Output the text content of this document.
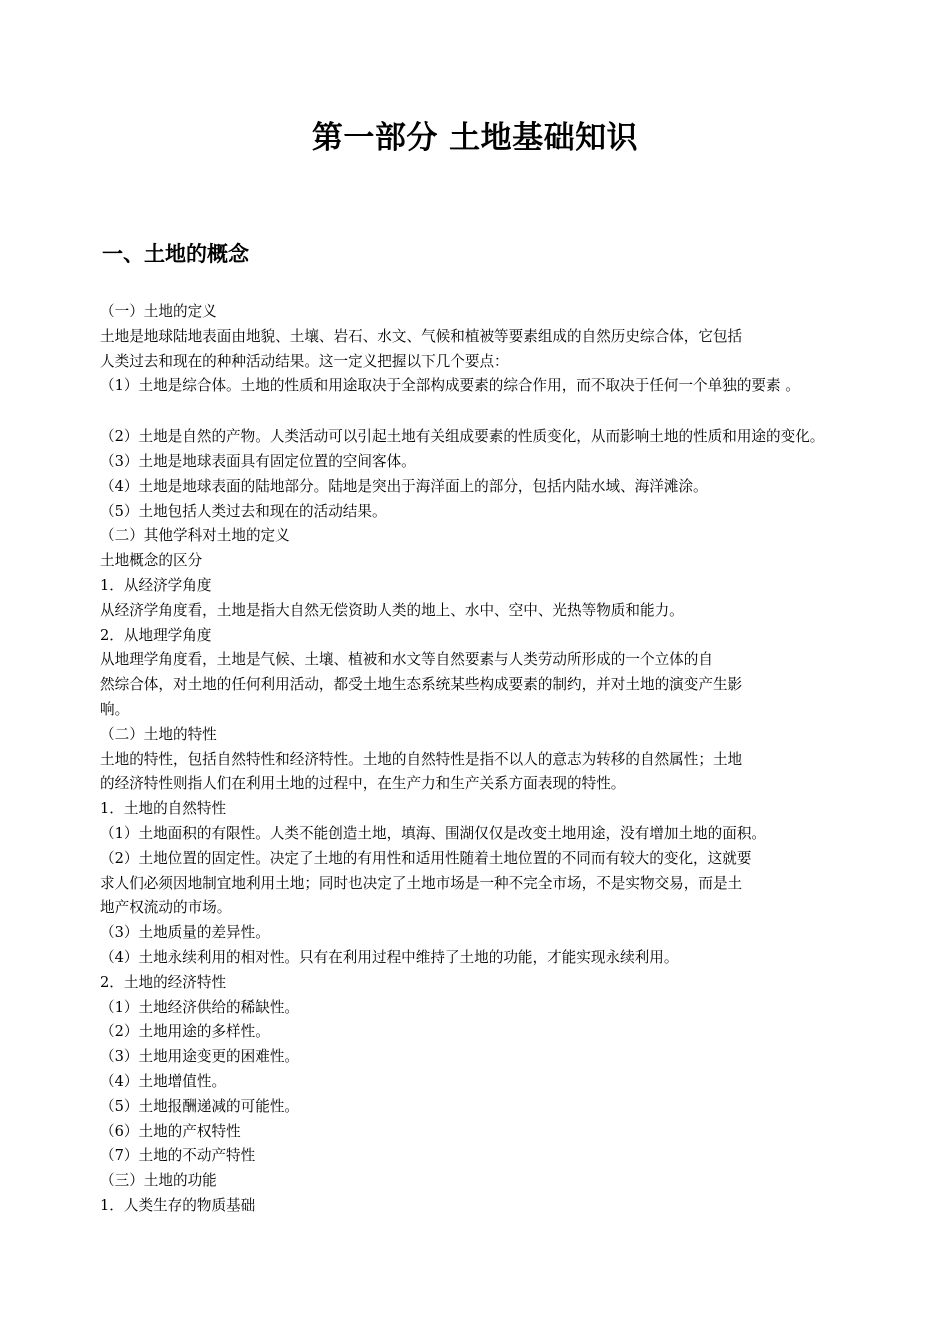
第一部分 土地基础知识
一、土地的概念
（一）土地的定义
土地是地球陆地表面由地貌、土壤、岩石、水文、气候和植被等要素组成的自然历史综合体，它包括
人类过去和现在的种种活动结果。这一定义把握以下几个要点：
（1）土地是综合体。土地的性质和用途取决于全部构成要素的综合作用，而不取决于任何一个单独的要素 。
（2）土地是自然的产物。人类活动可以引起土地有关组成要素的性质变化，从而影响土地的性质和用途的变化。
（3）土地是地球表面具有固定位置的空间客体。
（4）土地是地球表面的陆地部分。陆地是突出于海洋面上的部分，包括内陆水域、海洋滩涂。
（5）土地包括人类过去和现在的活动结果。
（二）其他学科对土地的定义
土地概念的区分
1．从经济学角度
从经济学角度看，土地是指大自然无偿资助人类的地上、水中、空中、光热等物质和能力。
2．从地理学角度
从地理学角度看，土地是气候、土壤、植被和水文等自然要素与人类劳动所形成的一个立体的自
然综合体，对土地的任何利用活动，都受土地生态系统某些构成要素的制约，并对土地的演变产生影
响。
（二）土地的特性
土地的特性，包括自然特性和经济特性。土地的自然特性是指不以人的意志为转移的自然属性；土地
的经济特性则指人们在利用土地的过程中，在生产力和生产关系方面表现的特性。
1．土地的自然特性
（1）土地面积的有限性。人类不能创造土地，填海、围湖仅仅是改变土地用途，没有增加土地的面积。
（2）土地位置的固定性。决定了土地的有用性和适用性随着土地位置的不同而有较大的变化，这就要
求人们必须因地制宜地利用土地；同时也决定了土地市场是一种不完全市场，不是实物交易，而是土
地产权流动的市场。
（3）土地质量的差异性。
（4）土地永续利用的相对性。只有在利用过程中维持了土地的功能，才能实现永续利用。
2．土地的经济特性
（1）土地经济供给的稀缺性。
（2）土地用途的多样性。
（3）土地用途变更的困难性。
（4）土地增值性。
（5）土地报酬递减的可能性。
（6）土地的产权特性
（7）土地的不动产特性
（三）土地的功能
1．人类生存的物质基础
